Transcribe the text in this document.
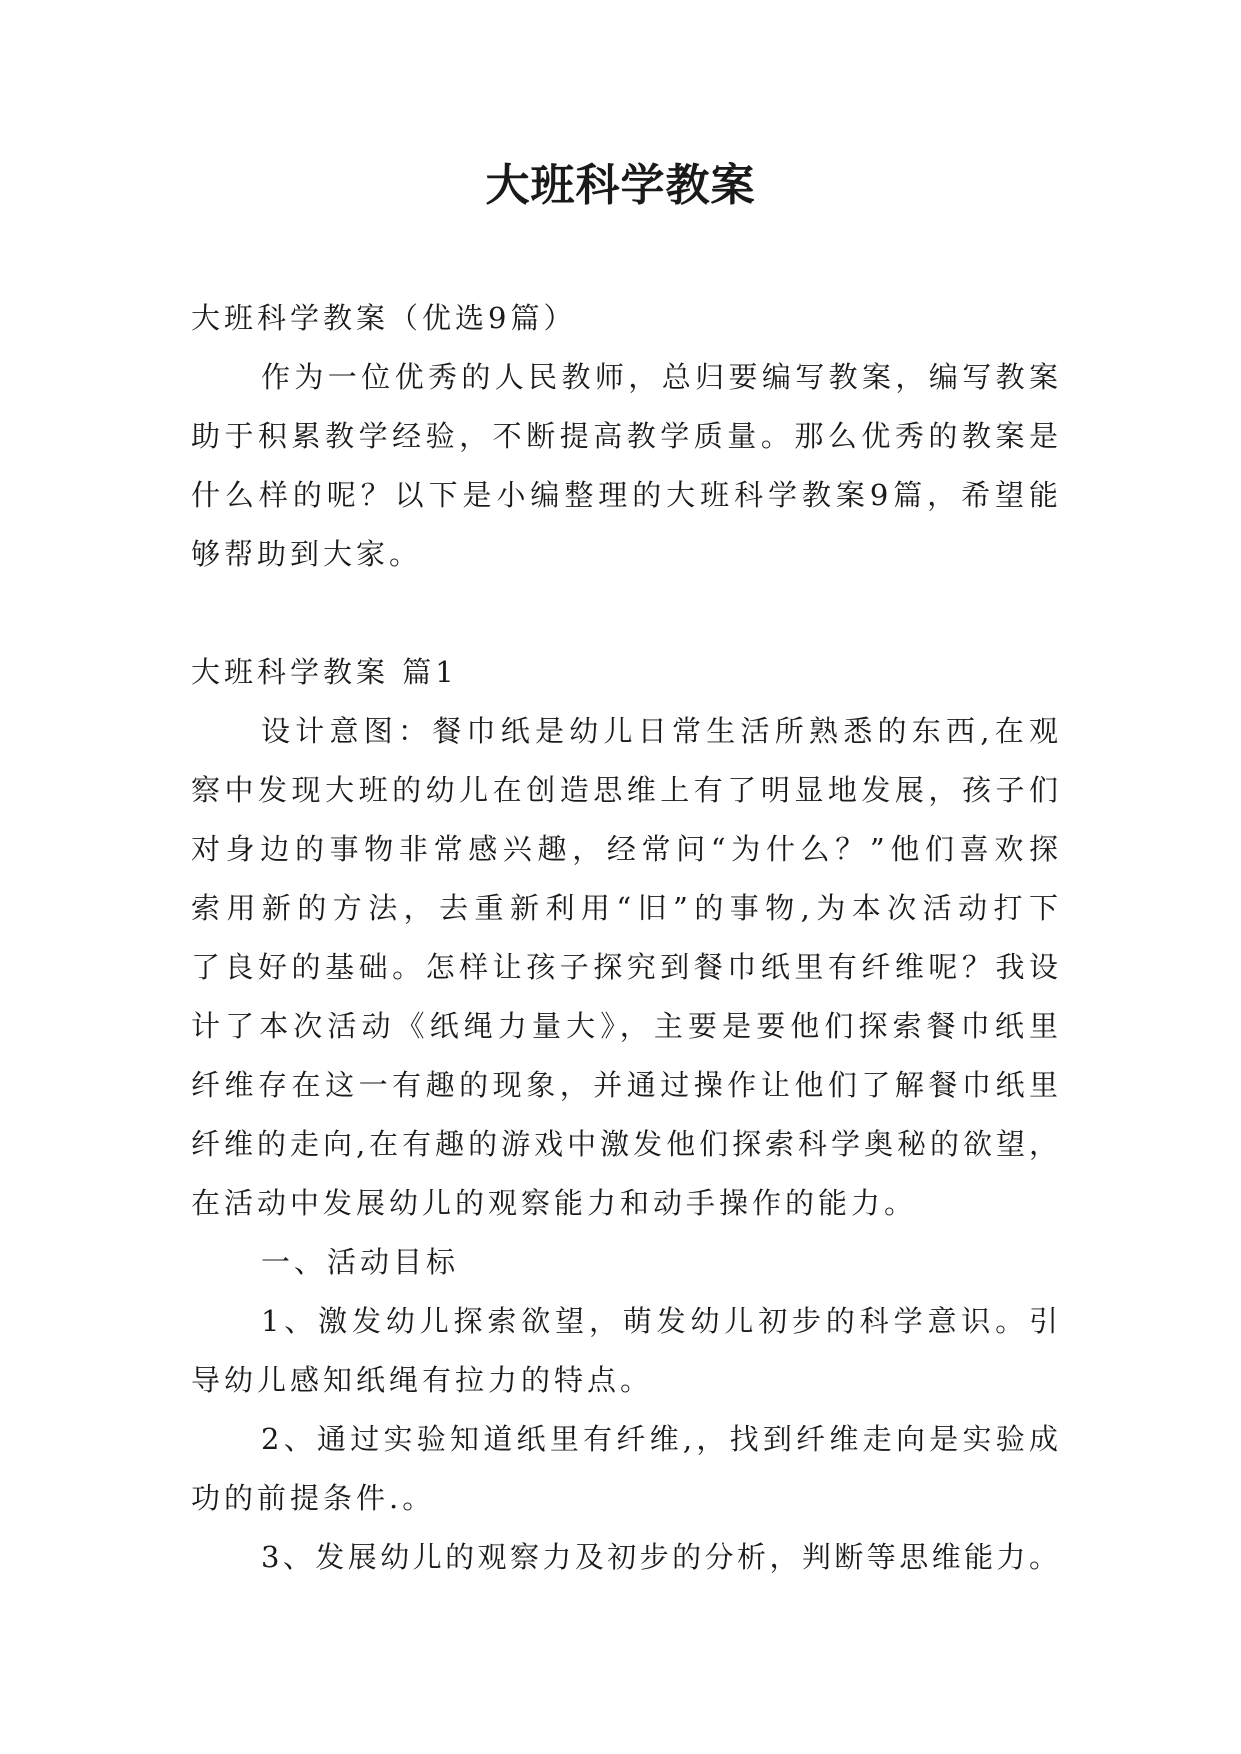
大班科学教案
大班科学教案（优选9篇）
作为一位优秀的人民教师，总归要编写教案，编写教案
助于积累教学经验，不断提高教学质量。那么优秀的教案是
什么样的呢？以下是小编整理的大班科学教案9篇，希望能
够帮助到大家。
大班科学教案 篇1
设计意图：餐巾纸是幼儿日常生活所熟悉的东西,在观
察中发现大班的幼儿在创造思维上有了明显地发展，孩子们
对身边的事物非常感兴趣，经常问“为什么？”他们喜欢探
索用新的方法，去重新利用“旧”的事物,为本次活动打下
了良好的基础。怎样让孩子探究到餐巾纸里有纤维呢？我设
计了本次活动《纸绳力量大》，主要是要他们探索餐巾纸里
纤维存在这一有趣的现象，并通过操作让他们了解餐巾纸里
纤维的走向,在有趣的游戏中激发他们探索科学奥秘的欲望，
在活动中发展幼儿的观察能力和动手操作的能力。
一、活动目标
1、激发幼儿探索欲望，萌发幼儿初步的科学意识。引
导幼儿感知纸绳有拉力的特点。
2、通过实验知道纸里有纤维,，找到纤维走向是实验成
功的前提条件.。
3、发展幼儿的观察力及初步的分析，判断等思维能力。
